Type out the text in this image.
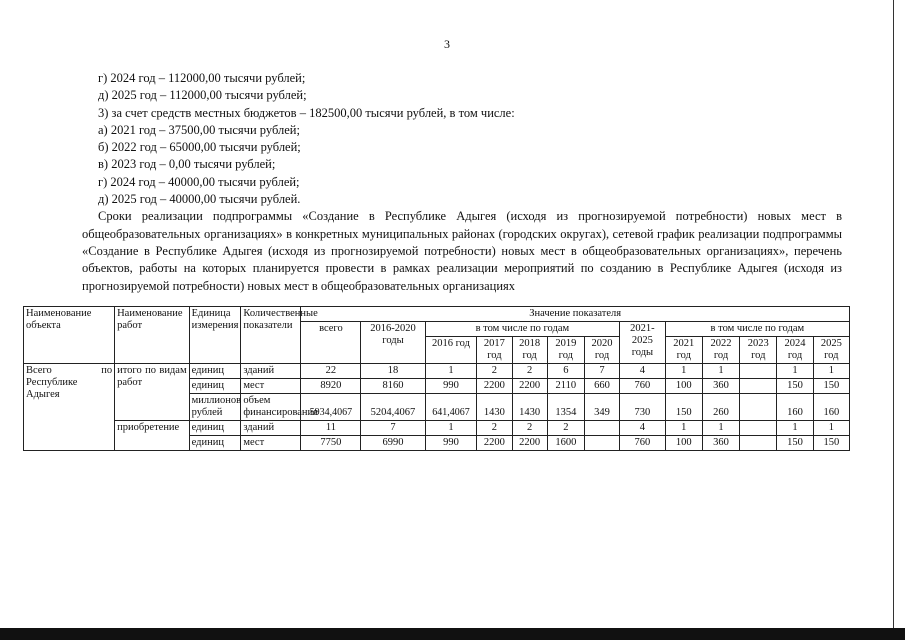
3
г) 2024 год – 112000,00 тысячи рублей;
д) 2025 год – 112000,00 тысячи рублей;
3) за счет средств местных бюджетов – 182500,00 тысячи рублей, в том числе:
а) 2021 год – 37500,00 тысячи рублей;
б) 2022 год – 65000,00 тысячи рублей;
в) 2023 год – 0,00 тысячи рублей;
г) 2024 год – 40000,00 тысячи рублей;
д) 2025 год – 40000,00 тысячи рублей.
Сроки реализации подпрограммы «Создание в Республике Адыгея (исходя из прогнозируемой потребности) новых мест в общеобразовательных организациях» в конкретных муниципальных районах (городских округах), сетевой график реализации подпрограммы «Создание в Республике Адыгея (исходя из прогнозируемой потребности) новых мест в общеобразовательных организациях», перечень объектов, работы на которых планируется провести в рамках реализации мероприятий по созданию в Республике Адыгея (исходя из прогнозируемой потребности) новых мест в общеобразовательных организациях
Наименование объекта	Наименование работ	Единица измерения	Количественные показатели	Значение показателя												
				всего	2016-2020 годы	в том числе по годам					2021-2025 годы	в том числе по годам				
						2016 год	2017 год	2018 год	2019 год	2020 год		2021 год	2022 год	2023 год	2024 год	2025 год
Всего по Республике Адыгея	итого по видам работ	единиц	зданий	22	18	1	2	2	6	7	4	1	1		1	1
		единиц	мест	8920	8160	990	2200	2200	2110	660	760	100	360		150	150
		миллионов рублей	объем финансирования	5934,4067	5204,4067	641,4067	1430	1430	1354	349	730	150	260		160	160
	приобретение	единиц	зданий	11	7	1	2	2	2		4	1	1		1	1
		единиц	мест	7750	6990	990	2200	2200	1600		760	100	360		150	150
